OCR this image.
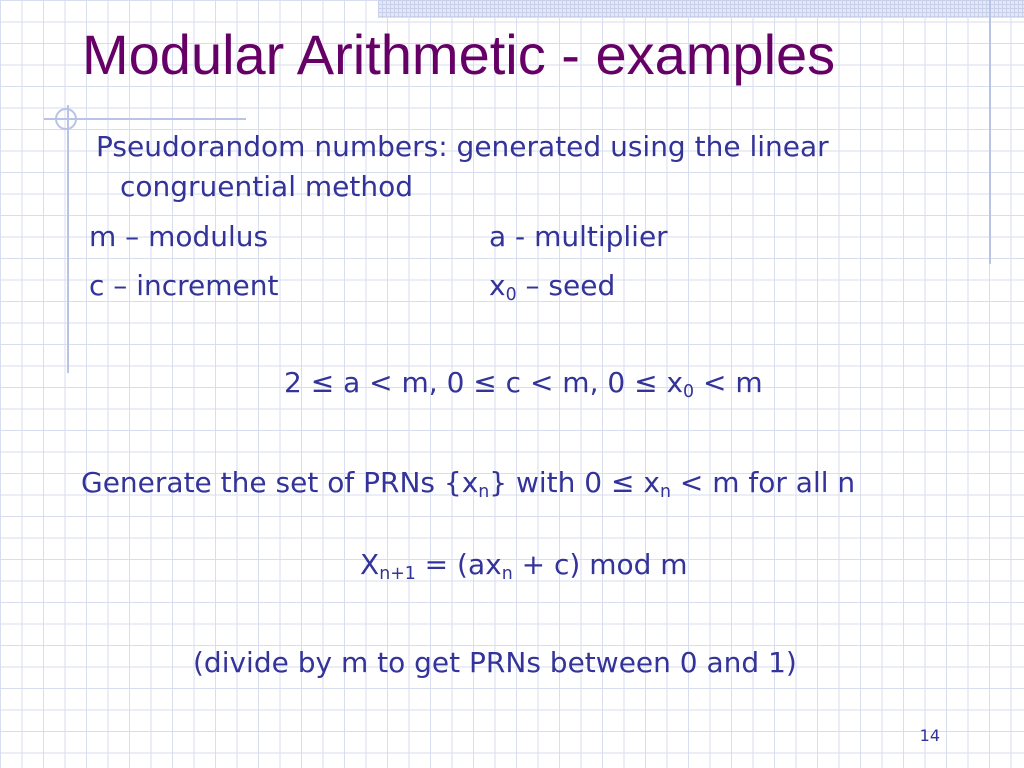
Modular Arithmetic - examples
Pseudorandom numbers: generated using the linear
congruential method
m – modulus	a - multiplier
c – increment	$x_0$ – seed
2 ≤ a < m, 0 ≤ c < m, $0 \le x_0 < m$
Generate the set of PRNs $\{x_n\}$ with $0 \le x_n < m$ for all n
$X_{n+1} = (ax_n + c)$ mod m
(divide by m to get PRNs between 0 and 1)
14
